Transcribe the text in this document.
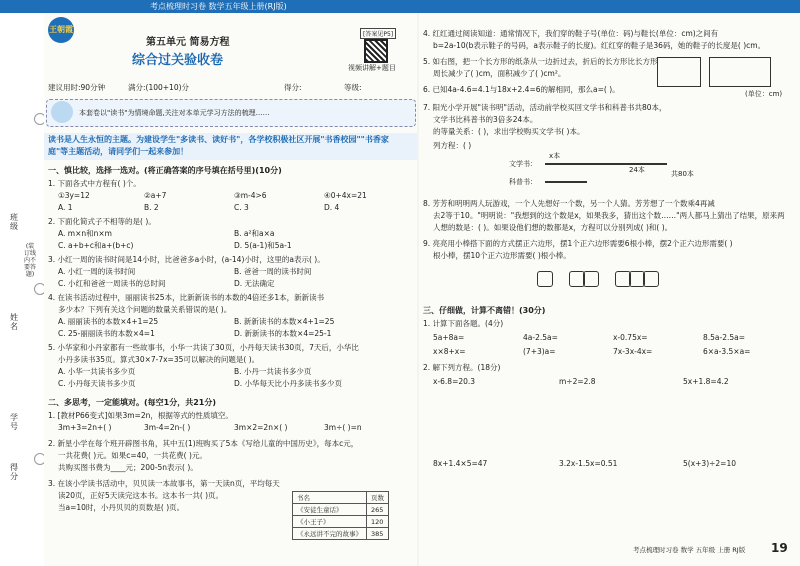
考点梳理时习卷 数学五年级上册(RJ版)
班级
姓名
学号
得分
(装订线内不要答题)
王朝霞
第五单元 简易方程
综合过关验收卷
[答案见P5]
视频讲解+题目
建议用时:90分钟	满分:(100+10)分	得分:	等级:
本套卷以"读书"为情境命题,关注对本单元学习方法的梳理……
读书是人生永恒的主题。为建设学生"多读书、读好书"，各学校积极社区开展"书香校园""书香家
庭"等主题活动，请同学们一起来参加！
一、慎比较，选择一选对。(将正确答案的序号填在括号里)(10分)
1. 下面各式中方程有( )个。
①3y=12	②a+7	③m-4>6	④0+4x=21
A. 1	B. 2	C. 3	D. 4
2. 下面化简式子不相等的是( )。
A. m×n和n×m	B. a²和a×a
C. a+b+c和a+(b+c)	D. 5(a-1)和5a-1
3. 小红一周的读书时间是14小时，比爸爸多a小时，(a-14)小时，这里的a表示( )。
A. 小红一周的读书时间	B. 爸爸一周的读书时间
C. 小红和爸爸一周读书的总时间	D. 无法确定
4. 在读书活动过程中，丽丽读书25本，比新新读书的本数的4倍还多1本，新新读书
多少本？下列有关这个问题的数量关系错误的是( )。
A. 丽丽读书的本数×4+1=25	B. 新新读书的本数×4+1=25
C. 25-丽丽读书的本数×4=1	D. 新新读书的本数×4=25-1
5. 小华家和小丹家都有一些故事书，小华一共读了30页，小丹每天读书30页，7天后，小华比
小丹多读书35页。算式30×7-7x=35可以解决的问题是( )。
A. 小华一共读书多少页	B. 小丹一共读书多少页
C. 小丹每天读书多少页	D. 小华每天比小丹多读书多少页
二、多思考，一定能填对。(每空1分，共21分)
1. [教材P66变式]如果3m=2n，根据等式的性质填空。
3m+3=2n+( )	3m-4=2n-( )	3m×2=2n×( )	3m÷( )=n
2. 新星小学在每个班开辟图书角，其中五(1)班购买了5本《写给儿童的中国历史》，每本c元，
一共花费( )元。如果c=40，一共花费( )元。
共购买图书费为____元；200-5n表示( )。
3. 在该小学读书活动中，贝贝读一本故事书，第一天读n页，平均每天
读20页，正好5天读完这本书。这本书一共( )页。
当a=10时，小丹贝贝的页数是( )页。
书名	页数
《安徒生童话》	265
《小王子》	120
《永远讲不完的故事》	385
4. 红红通过阅读知道：通常情况下，我们穿的鞋子号(单位：码)与鞋长(单位：cm)之间有
b=2a-10(b表示鞋子的号码，a表示鞋子的长度)。红红穿的鞋子是36码，她的鞋子的长度是( )cm。
5. 如右图，把一个长方形的纸条从一边折过去，折后的长方形比长方形
周长减少了( )cm，面积减少了( )cm²。
(单位：cm)
6. 已知4a-4.6=4.1与18x+2.4=6的解相同，那么a=( )。
7. 阳光小学开展"读书明"活动，活动前学校买回文学书和科普书共80本，
文学书比科普书的3倍多24本。
的等量关系：( )，求出学校购买文学书( )本。
列方程：( )
文学书：
科普书：
x本
24本	共80本
8. 芳芳和明明两人玩游戏，一个人先想好一个数，另一个人猜。芳芳想了一个数乘4再减
去2等于10。"明明说："我想到的这个数是x，如果我多，猜出这个数……"两人都马上猜出了结果，原来两
人想的数是：( )。如果设他们想的数都是x，方程可以分别列成( )和( )。
9. 亮亮用小棒搭下面的方式摆正六边形，摆1个正六边形需要6根小棒，摆2个正六边形需要( )
根小棒，摆10个正六边形需要( )根小棒。
三、仔细做，计算不离错！(30分)
1. 计算下面各题。(4分)
5a+8a=	4a-2.5a=	x-0.75x=	8.5a-2.5a=
x×8+x=	(7+3)a=	7x-3x-4x=	6×a-3.5×a=
2. 解下列方程。(18分)
x-6.8=20.3	m÷2=2.8	5x+1.8=4.2
8x+1.4×5=47	3.2x-1.5x=0.51	5(x+3)÷2=10
考点梳理时习卷 数学 五年级 上册 RJ版 19
